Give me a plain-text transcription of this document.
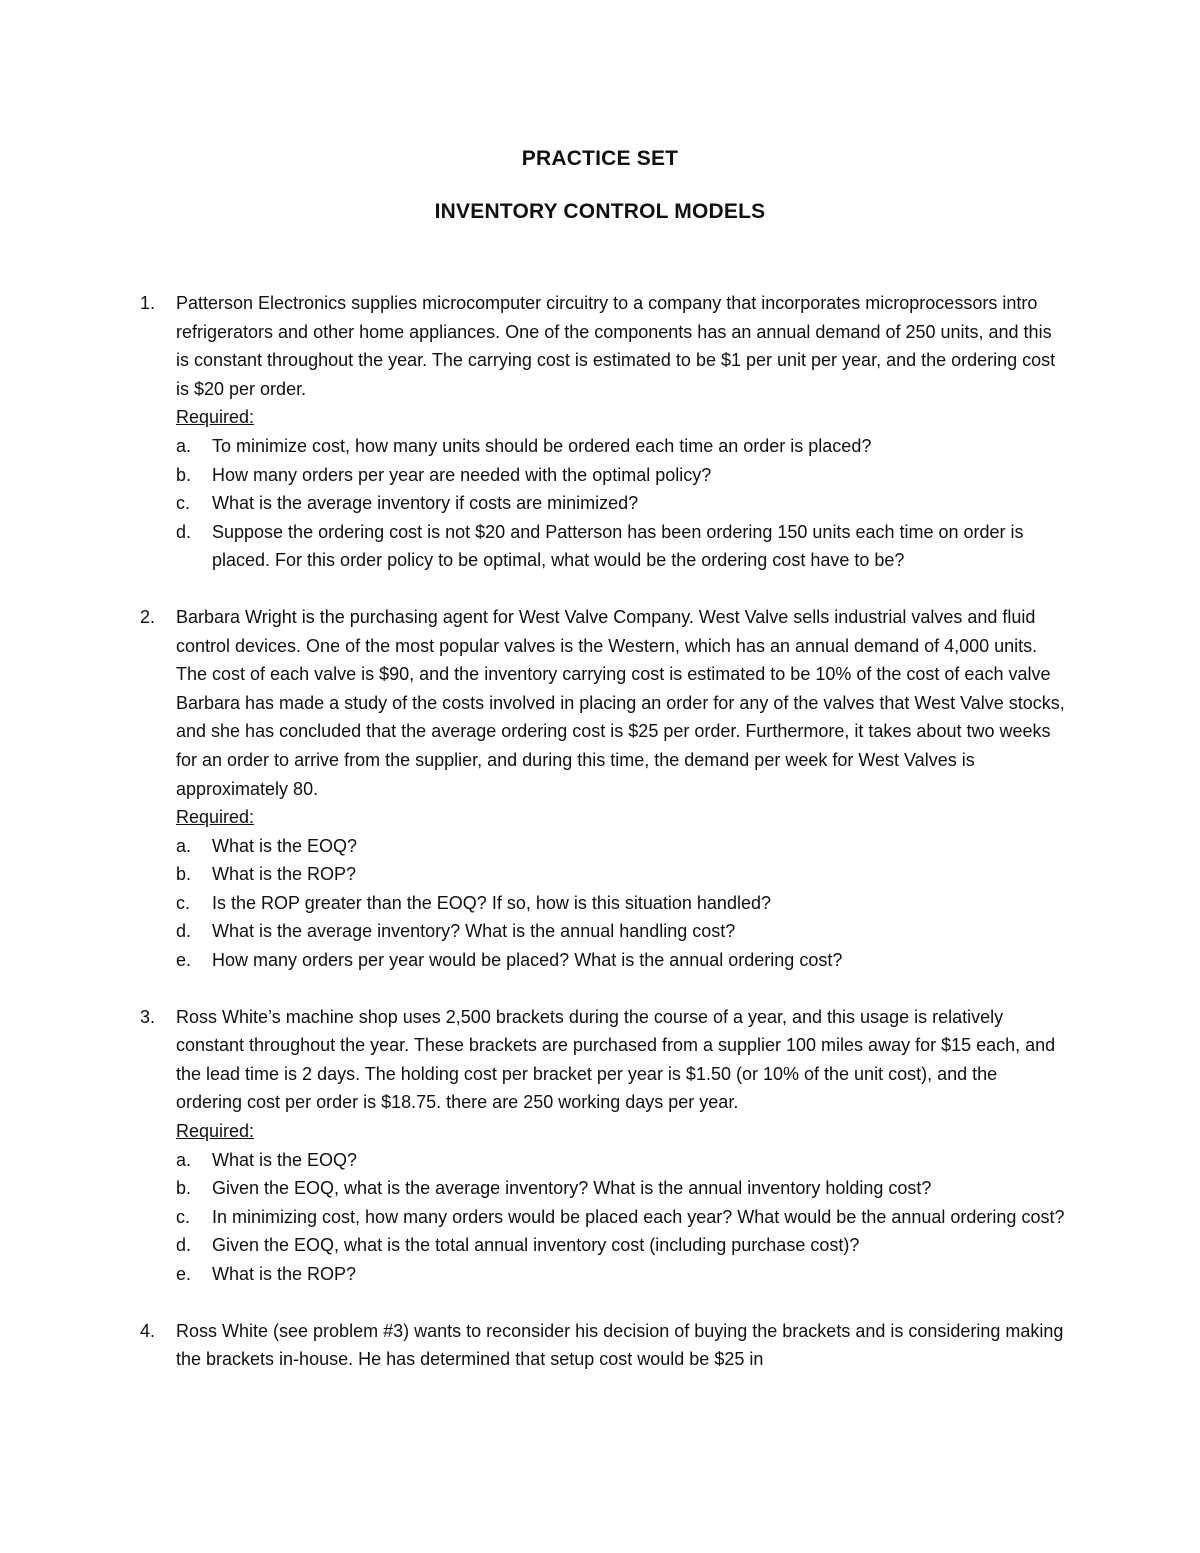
PRACTICE SET
INVENTORY CONTROL MODELS
1. Patterson Electronics supplies microcomputer circuitry to a company that incorporates microprocessors intro refrigerators and other home appliances. One of the components has an annual demand of 250 units, and this is constant throughout the year. The carrying cost is estimated to be $1 per unit per year, and the ordering cost is $20 per order.
Required:
a. To minimize cost, how many units should be ordered each time an order is placed?
b. How many orders per year are needed with the optimal policy?
c. What is the average inventory if costs are minimized?
d. Suppose the ordering cost is not $20 and Patterson has been ordering 150 units each time on order is placed. For this order policy to be optimal, what would be the ordering cost have to be?
2. Barbara Wright is the purchasing agent for West Valve Company. West Valve sells industrial valves and fluid control devices. One of the most popular valves is the Western, which has an annual demand of 4,000 units. The cost of each valve is $90, and the inventory carrying cost is estimated to be 10% of the cost of each valve Barbara has made a study of the costs involved in placing an order for any of the valves that West Valve stocks, and she has concluded that the average ordering cost is $25 per order. Furthermore, it takes about two weeks for an order to arrive from the supplier, and during this time, the demand per week for West Valves is approximately 80.
Required:
a. What is the EOQ?
b. What is the ROP?
c. Is the ROP greater than the EOQ? If so, how is this situation handled?
d. What is the average inventory? What is the annual handling cost?
e. How many orders per year would be placed? What is the annual ordering cost?
3. Ross White’s machine shop uses 2,500 brackets during the course of a year, and this usage is relatively constant throughout the year. These brackets are purchased from a supplier 100 miles away for $15 each, and the lead time is 2 days. The holding cost per bracket per year is $1.50 (or 10% of the unit cost), and the ordering cost per order is $18.75. there are 250 working days per year.
Required:
a. What is the EOQ?
b. Given the EOQ, what is the average inventory? What is the annual inventory holding cost?
c. In minimizing cost, how many orders would be placed each year? What would be the annual ordering cost?
d. Given the EOQ, what is the total annual inventory cost (including purchase cost)?
e. What is the ROP?
4. Ross White (see problem #3) wants to reconsider his decision of buying the brackets and is considering making the brackets in-house. He has determined that setup cost would be $25 in
